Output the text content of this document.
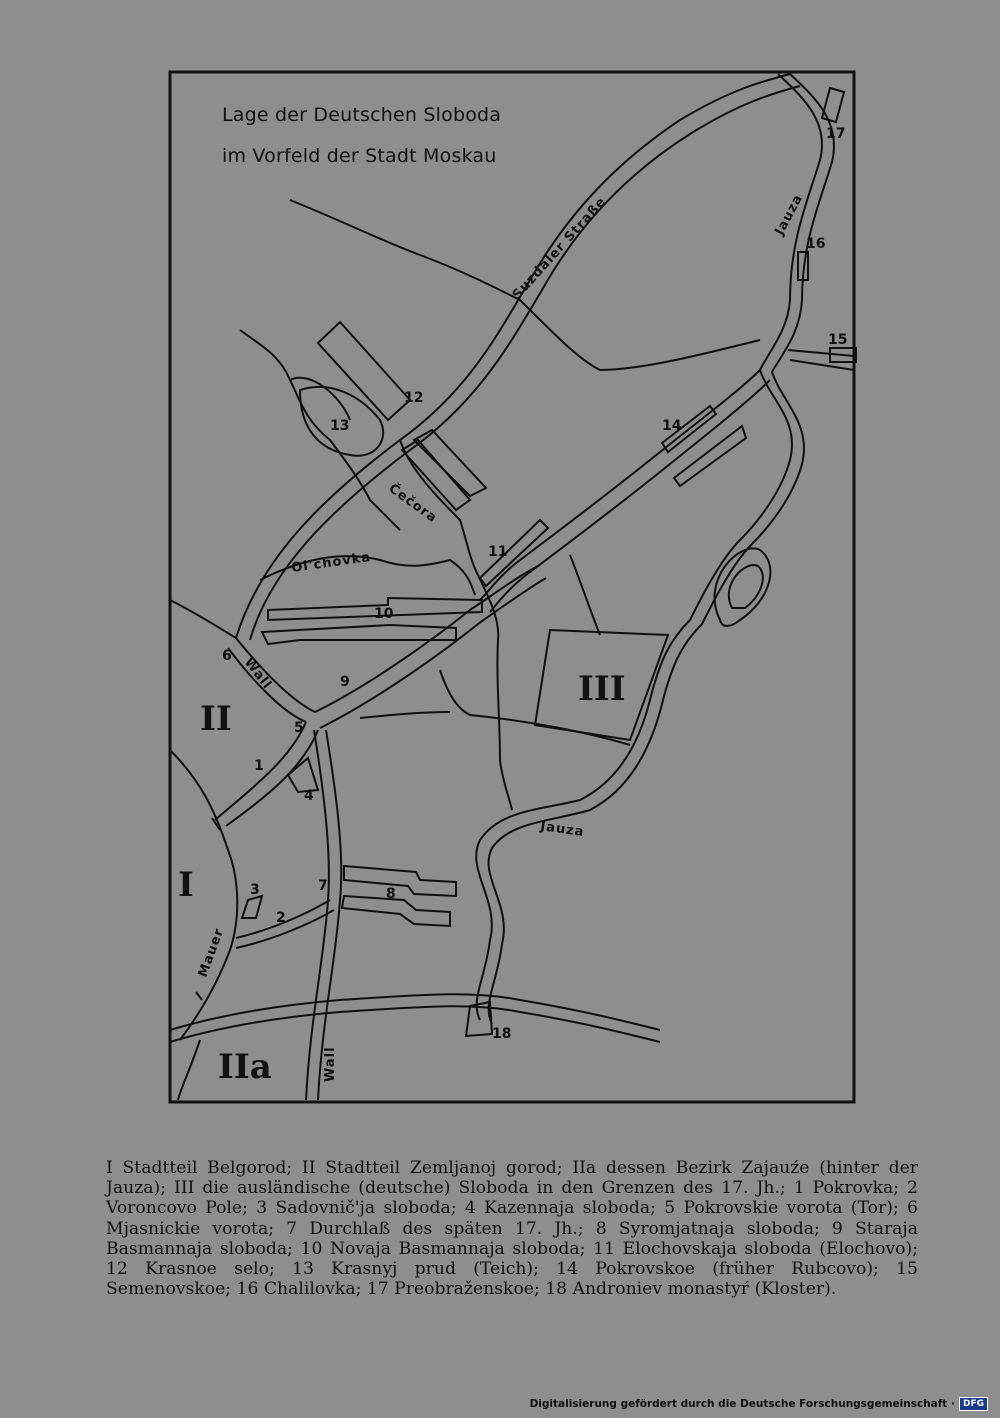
Suzdaler Straße	Jauza
Jauza
Čečora
Ol'chovka
Wall
Wall
Mauer
I
II
IIa
III
1
2
3
4
5
6
7	8
9
10
11
12
13	14
15
16
17
18
Lage der Deutschen Sloboda
im Vorfeld der Stadt Moskau
I Stadtteil Belgorod; II Stadtteil Zemljanoj gorod; IIa dessen Bezirk Zajauźe (hinter der Jauza); III die ausländische (deutsche) Sloboda in den Grenzen des 17. Jh.; 1 Pokrovka; 2 Voroncovo Pole; 3 Sadovnič'ja sloboda; 4 Kazennaja sloboda; 5 Pokrovskie vorota (Tor); 6 Mjasnickie vorota; 7 Durchlaß des späten 17. Jh.; 8 Syromjatnaja sloboda; 9 Staraja Basmannaja sloboda; 10 Novaja Basmannaja sloboda; 11 Elochovskaja sloboda (Elochovo); 12 Krasnoe selo; 13 Krasnyj prud (Teich); 14 Pokrovskoe (früher Rubcovo); 15 Semenovskoe; 16 Chalilovka; 17 Preobraženskoe; 18 Androniev monastyŕ (Kloster).
Digitalisierung gefördert durch die Deutsche Forschungsgemeinschaft · DFG
